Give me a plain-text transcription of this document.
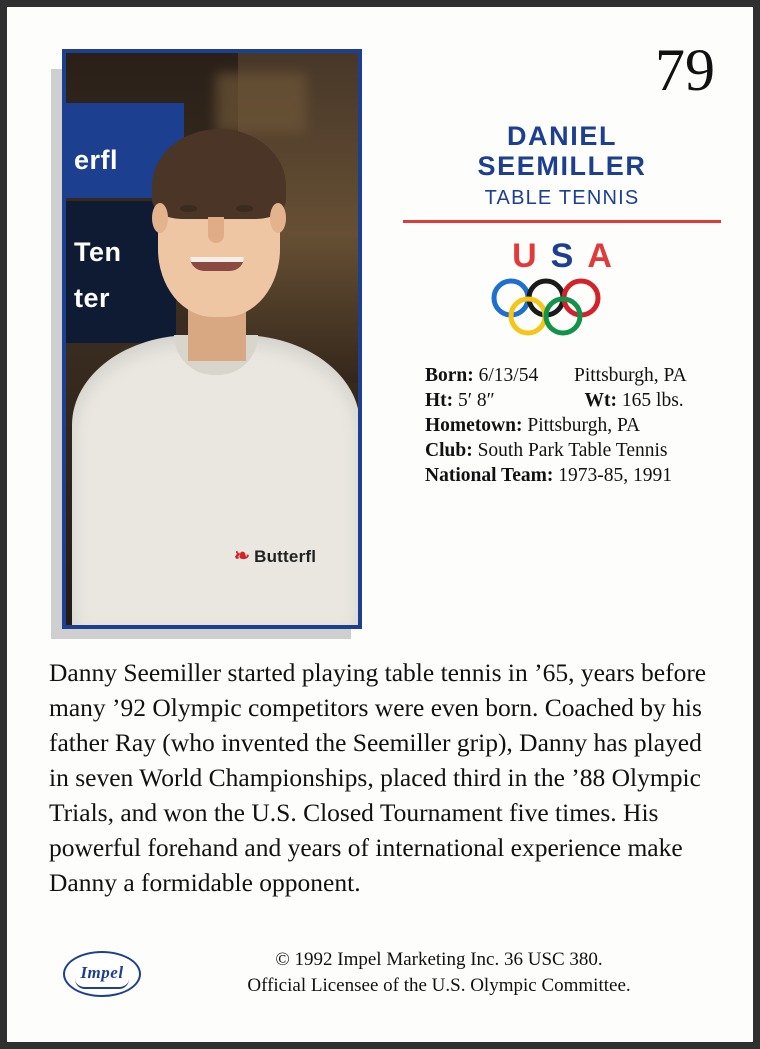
erfl
Ten
ter
❧ Butterfl
79
DANIEL
SEEMILLER
TABLE TENNIS
USA
Born: 6/13/54 Pittsburgh, PA
Ht: 5′ 8″	Wt: 165 lbs.
Hometown: Pittsburgh, PA
Club: South Park Table Tennis
National Team: 1973-85, 1991
Danny Seemiller started playing table tennis in ’65, years before many ’92 Olympic competitors were even born. Coached by his father Ray (who invented the Seemiller grip), Danny has played in seven World Championships, placed third in the ’88 Olympic Trials, and won the U.S. Closed Tournament five times. His powerful forehand and years of international experience make Danny a formidable opponent.
Impel
© 1992 Impel Marketing Inc. 36 USC 380.
Official Licensee of the U.S. Olympic Committee.
